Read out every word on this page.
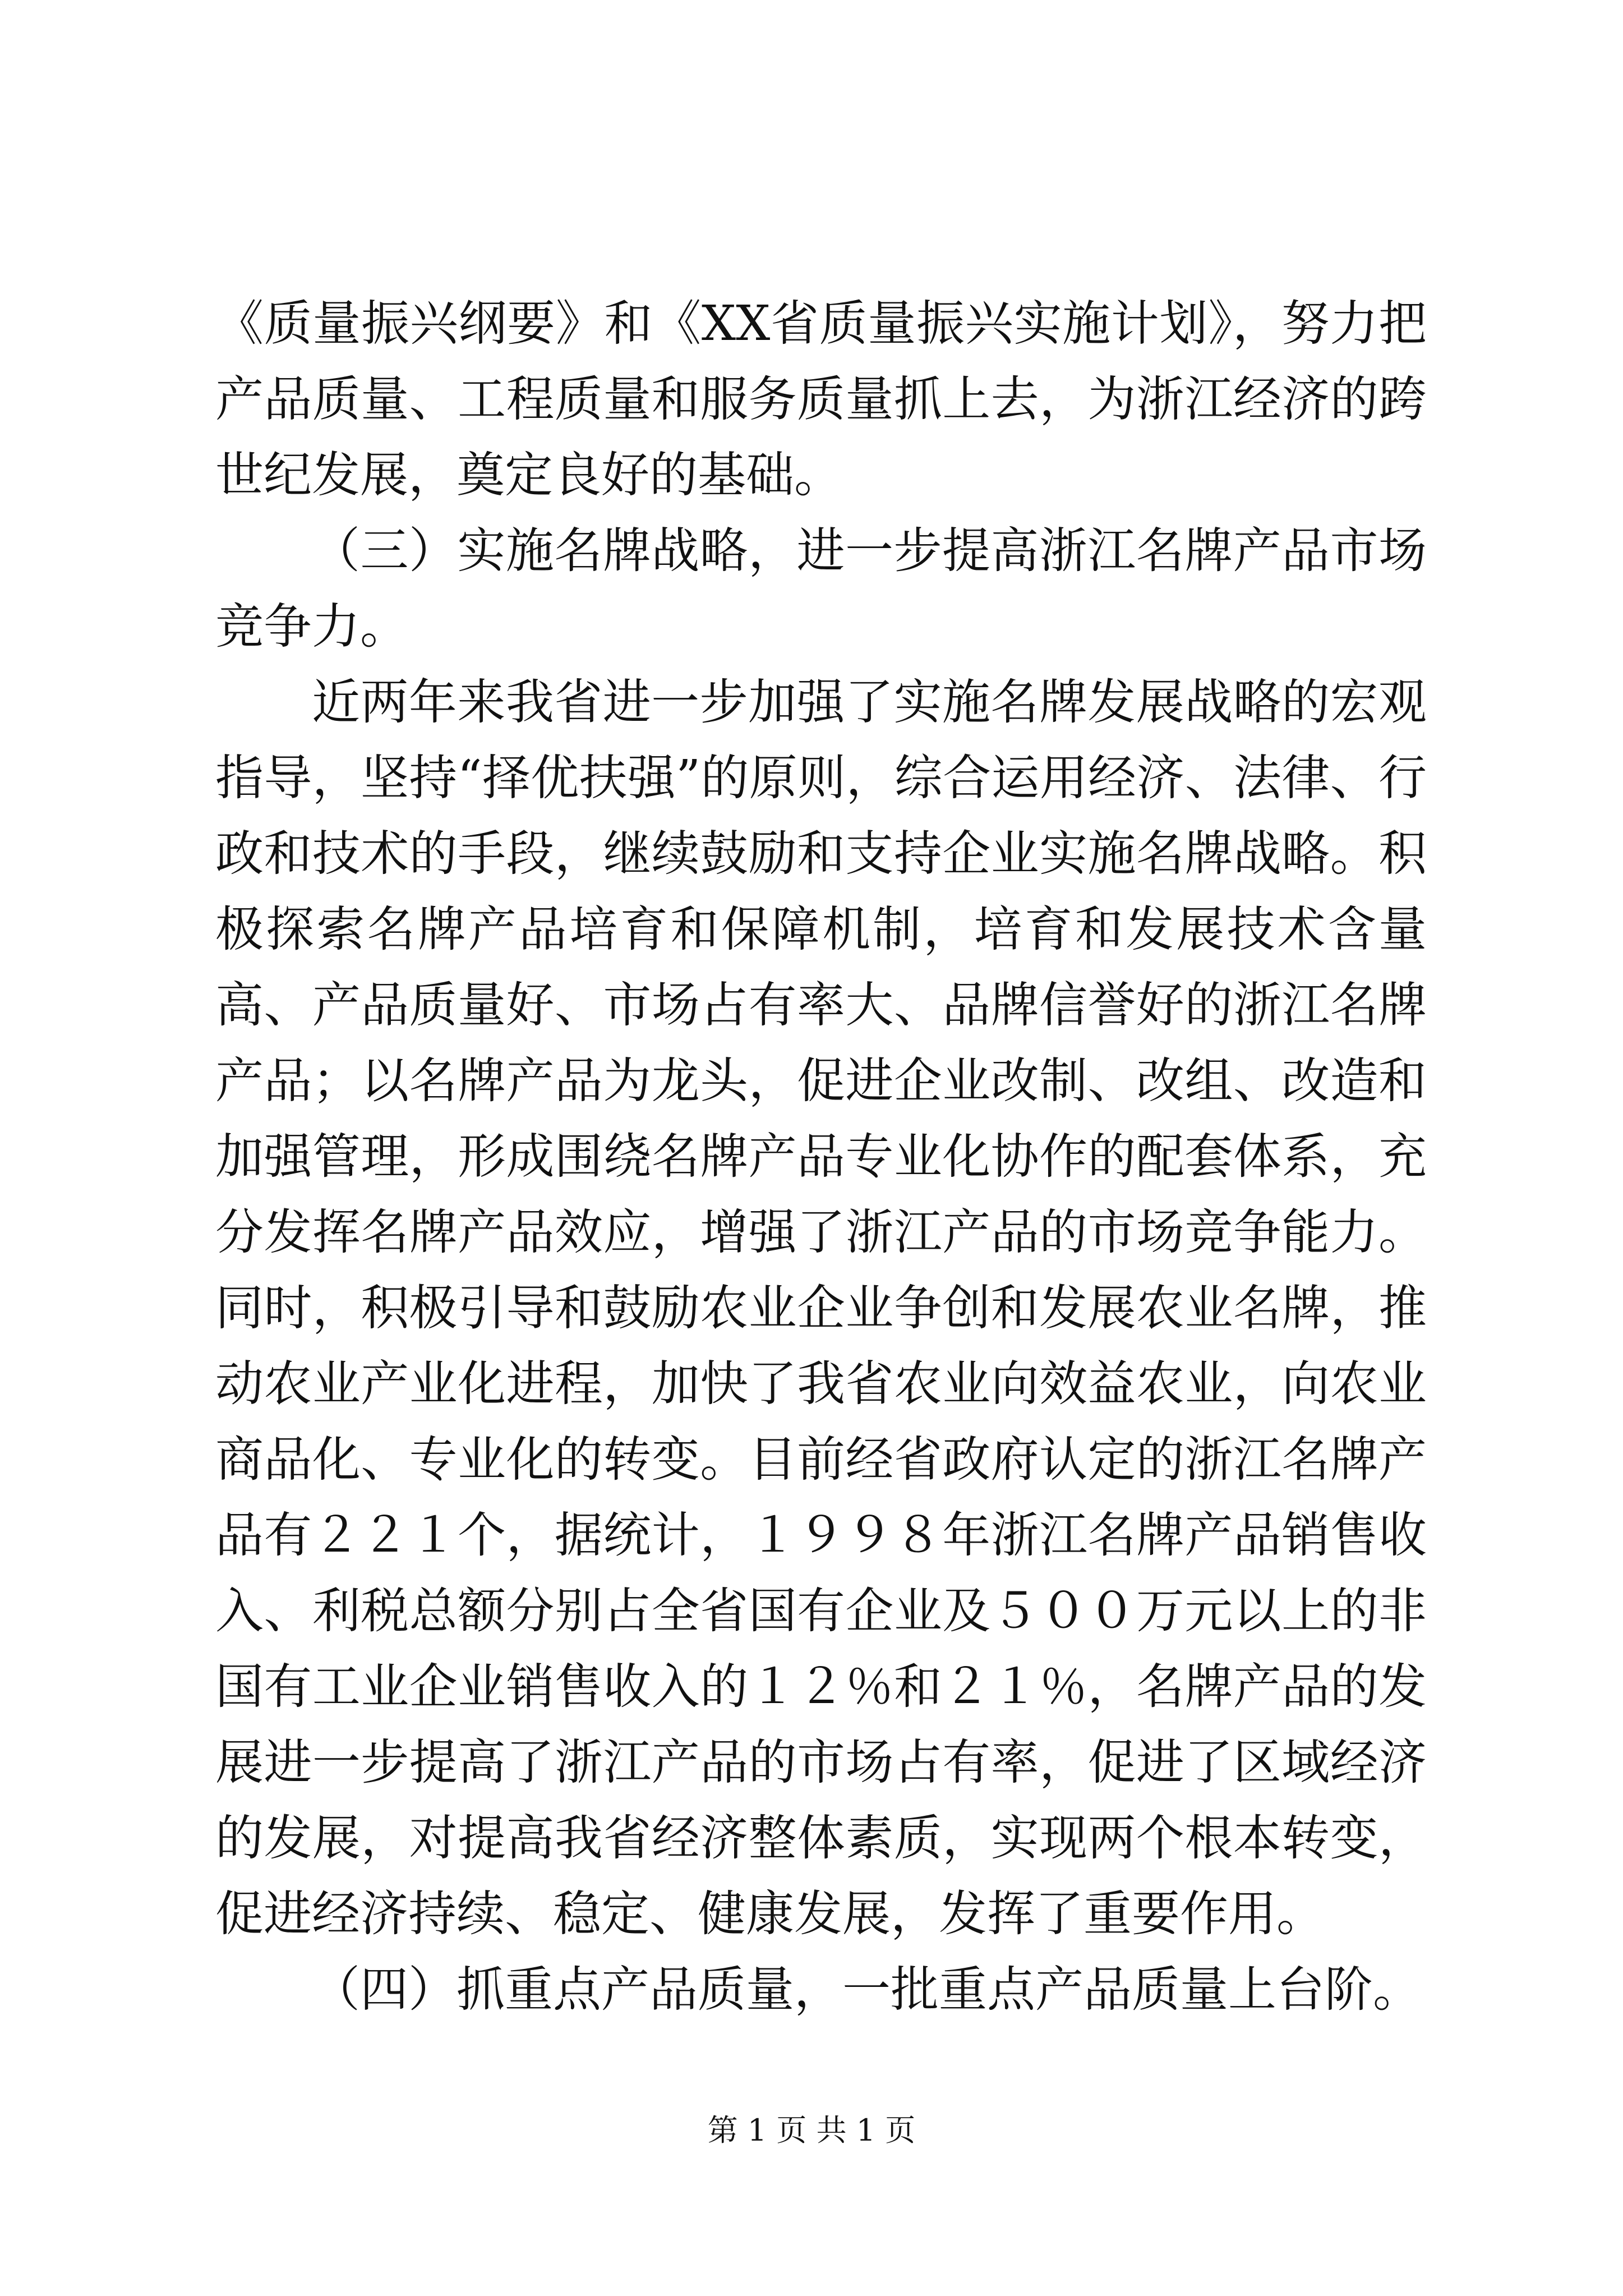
《质量振兴纲要》和《XX省质量振兴实施计划》，努力把产品质量、工程质量和服务质量抓上去，为浙江经济的跨世纪发展，奠定良好的基础。

（三）实施名牌战略，进一步提高浙江名牌产品市场竞争力。

近两年来我省进一步加强了实施名牌发展战略的宏观指导，坚持“择优扶强”的原则，综合运用经济、法律、行政和技术的手段，继续鼓励和支持企业实施名牌战略。积极探索名牌产品培育和保障机制，培育和发展技术含量高、产品质量好、市场占有率大、品牌信誉好的浙江名牌产品；以名牌产品为龙头，促进企业改制、改组、改造和加强管理，形成围绕名牌产品专业化协作的配套体系，充分发挥名牌产品效应，增强了浙江产品的市场竞争能力。同时，积极引导和鼓励农业企业争创和发展农业名牌，推动农业产业化进程，加快了我省农业向效益农业，向农业商品化、专业化的转变。目前经省政府认定的浙江名牌产品有２２１个，据统计，１９９８年浙江名牌产品销售收入、利税总额分别占全省国有企业及５００万元以上的非国有工业企业销售收入的１２％和２１％，名牌产品的发展进一步提高了浙江产品的市场占有率，促进了区域经济的发展，对提高我省经济整体素质，实现两个根本转变，促进经济持续、稳定、健康发展，发挥了重要作用。

（四）抓重点产品质量，一批重点产品质量上台阶。

第 1 页 共 1 页
